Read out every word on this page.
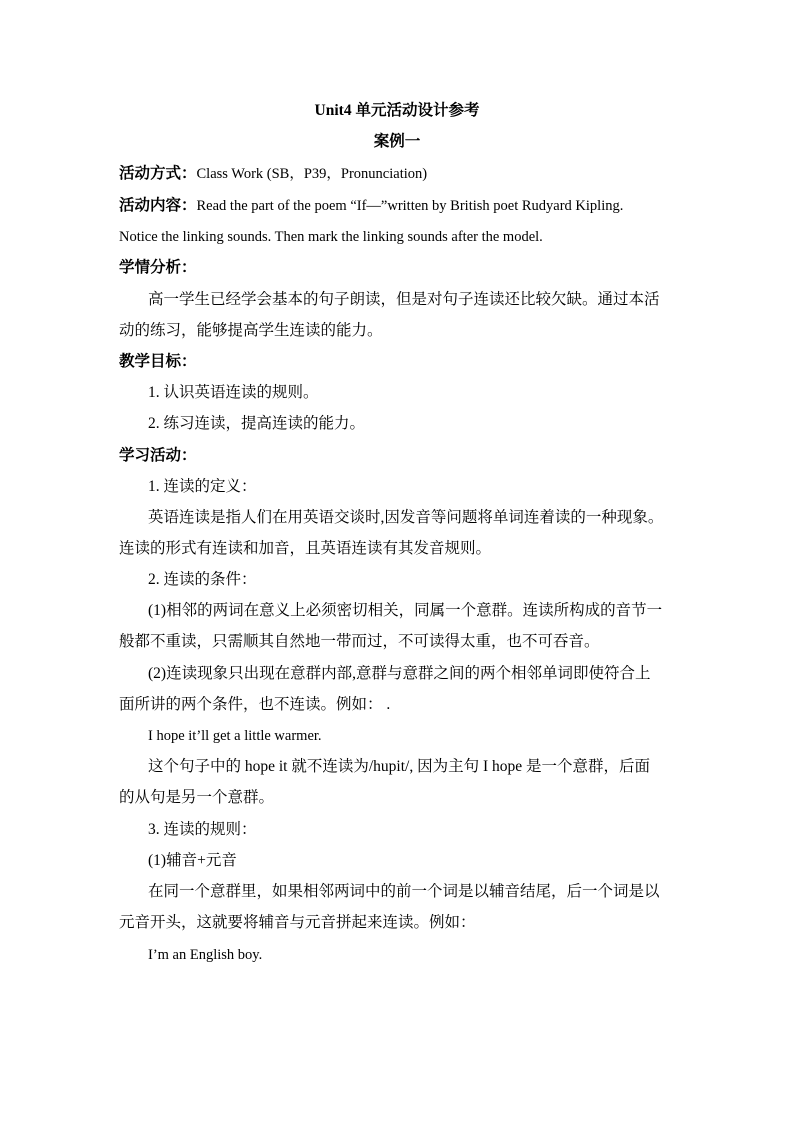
Unit4 单元活动设计参考
案例一
活动方式：Class Work (SB，P39，Pronunciation)
活动内容：Read the part of the poem “If—”written by British poet Rudyard Kipling.
Notice the linking sounds. Then mark the linking sounds after the model.
学情分析：
高一学生已经学会基本的句子朗读，但是对句子连读还比较欠缺。通过本活
动的练习，能够提高学生连读的能力。
教学目标：
1. 认识英语连读的规则。
2. 练习连读，提高连读的能力。
学习活动：
1. 连读的定义：
英语连读是指人们在用英语交谈时,因发音等问题将单词连着读的一种现象。
连读的形式有连读和加音，且英语连读有其发音规则。
2. 连读的条件：
(1)相邻的两词在意义上必须密切相关，同属一个意群。连读所构成的音节一
般都不重读，只需顺其自然地一带而过，不可读得太重，也不可吞音。
(2)连读现象只出现在意群内部,意群与意群之间的两个相邻单词即使符合上
面所讲的两个条件，也不连读。例如： .
I hope it’ll get a little warmer.
这个句子中的 hope it 就不连读为/hupit/, 因为主句 I hope 是一个意群，后面
的从句是另一个意群。
3. 连读的规则：
(1)辅音+元音
在同一个意群里，如果相邻两词中的前一个词是以辅音结尾，后一个词是以
元音开头，这就要将辅音与元音拼起来连读。例如：
I’m an English boy.
